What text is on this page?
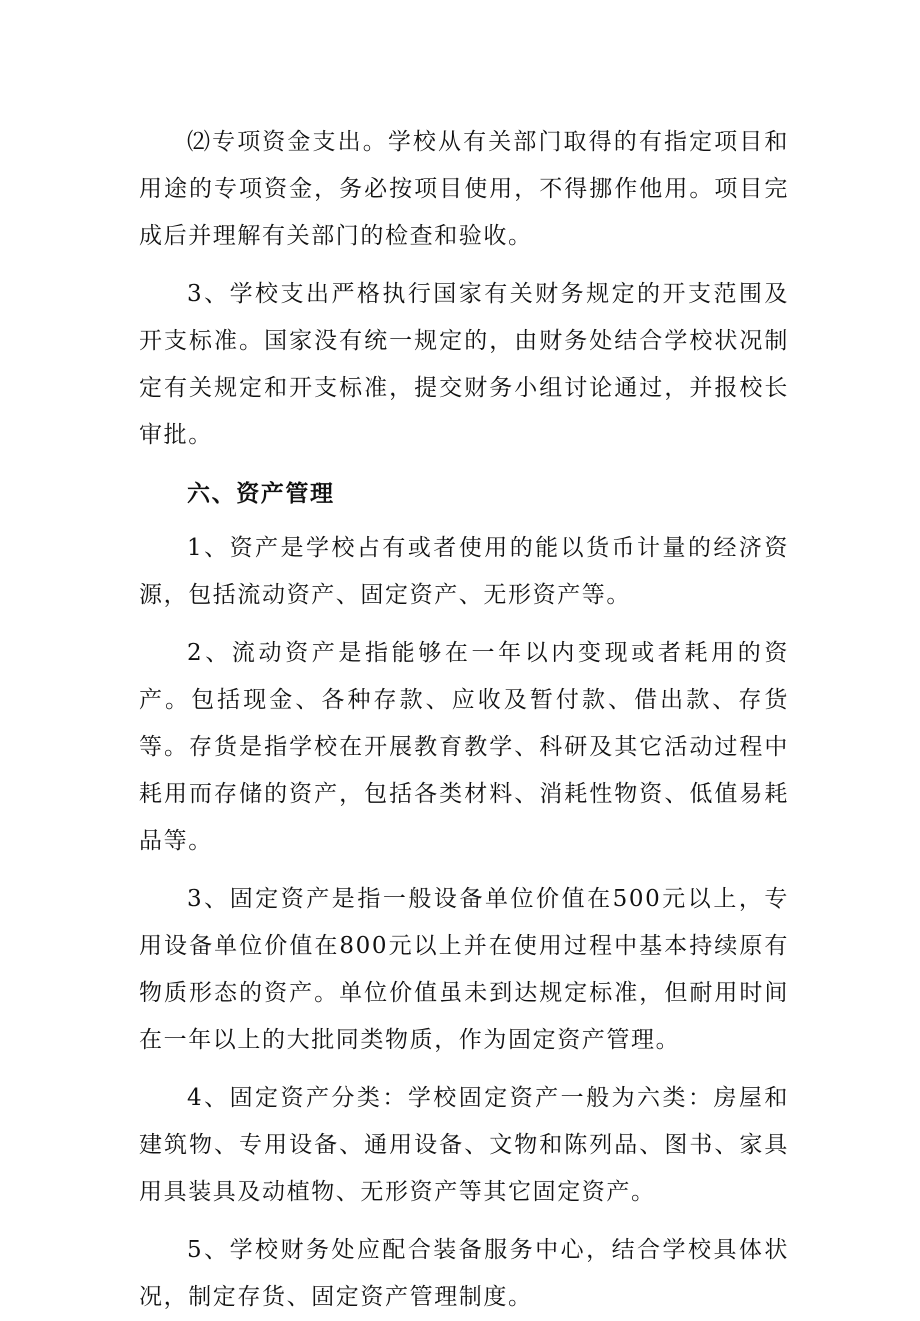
⑵专项资金支出。学校从有关部门取得的有指定项目和用途的专项资金，务必按项目使用，不得挪作他用。项目完成后并理解有关部门的检查和验收。

3、学校支出严格执行国家有关财务规定的开支范围及开支标准。国家没有统一规定的，由财务处结合学校状况制定有关规定和开支标准，提交财务小组讨论通过，并报校长审批。

六、资产管理

1、资产是学校占有或者使用的能以货币计量的经济资源，包括流动资产、固定资产、无形资产等。

2、流动资产是指能够在一年以内变现或者耗用的资产。包括现金、各种存款、应收及暂付款、借出款、存货等。存货是指学校在开展教育教学、科研及其它活动过程中耗用而存储的资产，包括各类材料、消耗性物资、低值易耗品等。

3、固定资产是指一般设备单位价值在500元以上，专用设备单位价值在800元以上并在使用过程中基本持续原有物质形态的资产。单位价值虽未到达规定标准，但耐用时间在一年以上的大批同类物质，作为固定资产管理。

4、固定资产分类：学校固定资产一般为六类：房屋和建筑物、专用设备、通用设备、文物和陈列品、图书、家具用具装具及动植物、无形资产等其它固定资产。

5、学校财务处应配合装备服务中心，结合学校具体状况，制定存货、固定资产管理制度。
